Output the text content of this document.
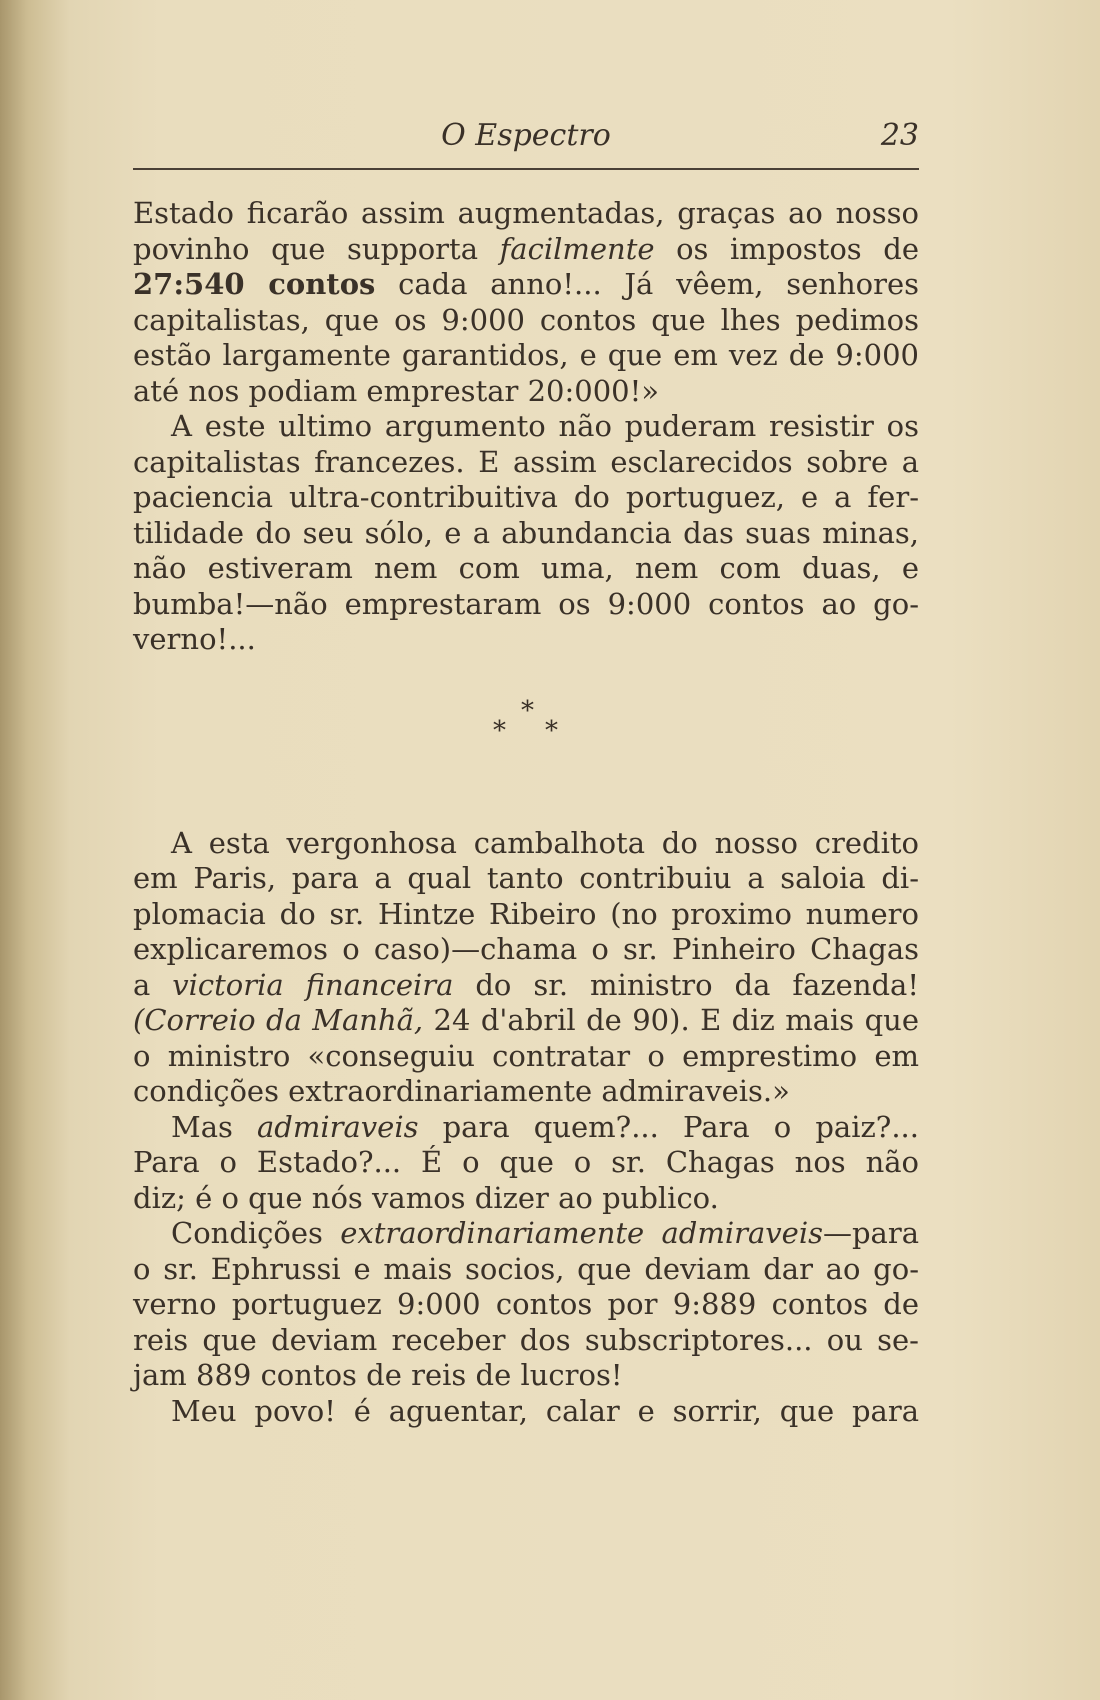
O Espectro	23
Estado ficarão assim augmentadas, graças ao nosso
povinho que supporta facilmente os impostos de
27:540 contos cada anno!... Já vêem, senhores
capitalistas, que os 9:000 contos que lhes pedimos
estão largamente garantidos, e que em vez de 9:000
até nos podiam emprestar 20:000!»
A este ultimo argumento não puderam resistir os
capitalistas francezes. E assim esclarecidos sobre a
paciencia ultra-contribuitiva do portuguez, e a fer-
tilidade do seu sólo, e a abundancia das suas minas,
não estiveram nem com uma, nem com duas, e
bumba!—não emprestaram os 9:000 contos ao go-
verno!...
*
* *
A esta vergonhosa cambalhota do nosso credito
em Paris, para a qual tanto contribuiu a saloia di-
plomacia do sr. Hintze Ribeiro (no proximo numero
explicaremos o caso)—chama o sr. Pinheiro Chagas
a victoria financeira do sr. ministro da fazenda!
(Correio da Manhã, 24 d'abril de 90). E diz mais que
o ministro «conseguiu contratar o emprestimo em
condições extraordinariamente admiraveis.»
Mas admiraveis para quem?... Para o paiz?...
Para o Estado?... É o que o sr. Chagas nos não
diz; é o que nós vamos dizer ao publico.
Condições extraordinariamente admiraveis—para
o sr. Ephrussi e mais socios, que deviam dar ao go-
verno portuguez 9:000 contos por 9:889 contos de
reis que deviam receber dos subscriptores... ou se-
jam 889 contos de reis de lucros!
Meu povo! é aguentar, calar e sorrir, que para
